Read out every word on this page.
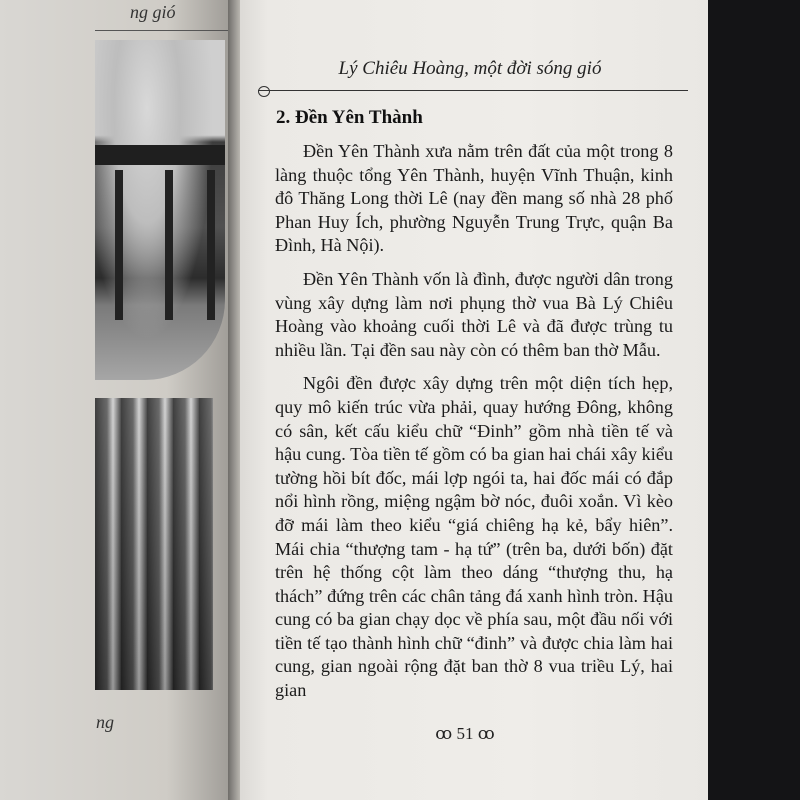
ng gió
ng
Lý Chiêu Hoàng, một đời sóng gió
2. Đền Yên Thành

Đền Yên Thành xưa nằm trên đất của một trong 8 làng thuộc tổng Yên Thành, huyện Vĩnh Thuận, kinh đô Thăng Long thời Lê (nay đền mang số nhà 28 phố Phan Huy Ích, phường Nguyễn Trung Trực, quận Ba Đình, Hà Nội).

Đền Yên Thành vốn là đình, được người dân trong vùng xây dựng làm nơi phụng thờ vua Bà Lý Chiêu Hoàng vào khoảng cuối thời Lê và đã được trùng tu nhiều lần. Tại đền sau này còn có thêm ban thờ Mẫu.

Ngôi đền được xây dựng trên một diện tích hẹp, quy mô kiến trúc vừa phải, quay hướng Đông, không có sân, kết cấu kiểu chữ “Đinh” gồm nhà tiền tế và hậu cung. Tòa tiền tế gồm có ba gian hai chái xây kiểu tường hồi bít đốc, mái lợp ngói ta, hai đốc mái có đắp nổi hình rồng, miệng ngậm bờ nóc, đuôi xoắn. Vì kèo đỡ mái làm theo kiểu “giá chiêng hạ kẻ, bẩy hiên”. Mái chia “thượng tam - hạ tứ” (trên ba, dưới bốn) đặt trên hệ thống cột làm theo dáng “thượng thu, hạ thách” đứng trên các chân tảng đá xanh hình tròn. Hậu cung có ba gian chạy dọc về phía sau, một đầu nối với tiền tế tạo thành hình chữ “đinh” và được chia làm hai cung, gian ngoài rộng đặt ban thờ 8 vua triều Lý, hai gian

ꝏ 51 ꝏ
